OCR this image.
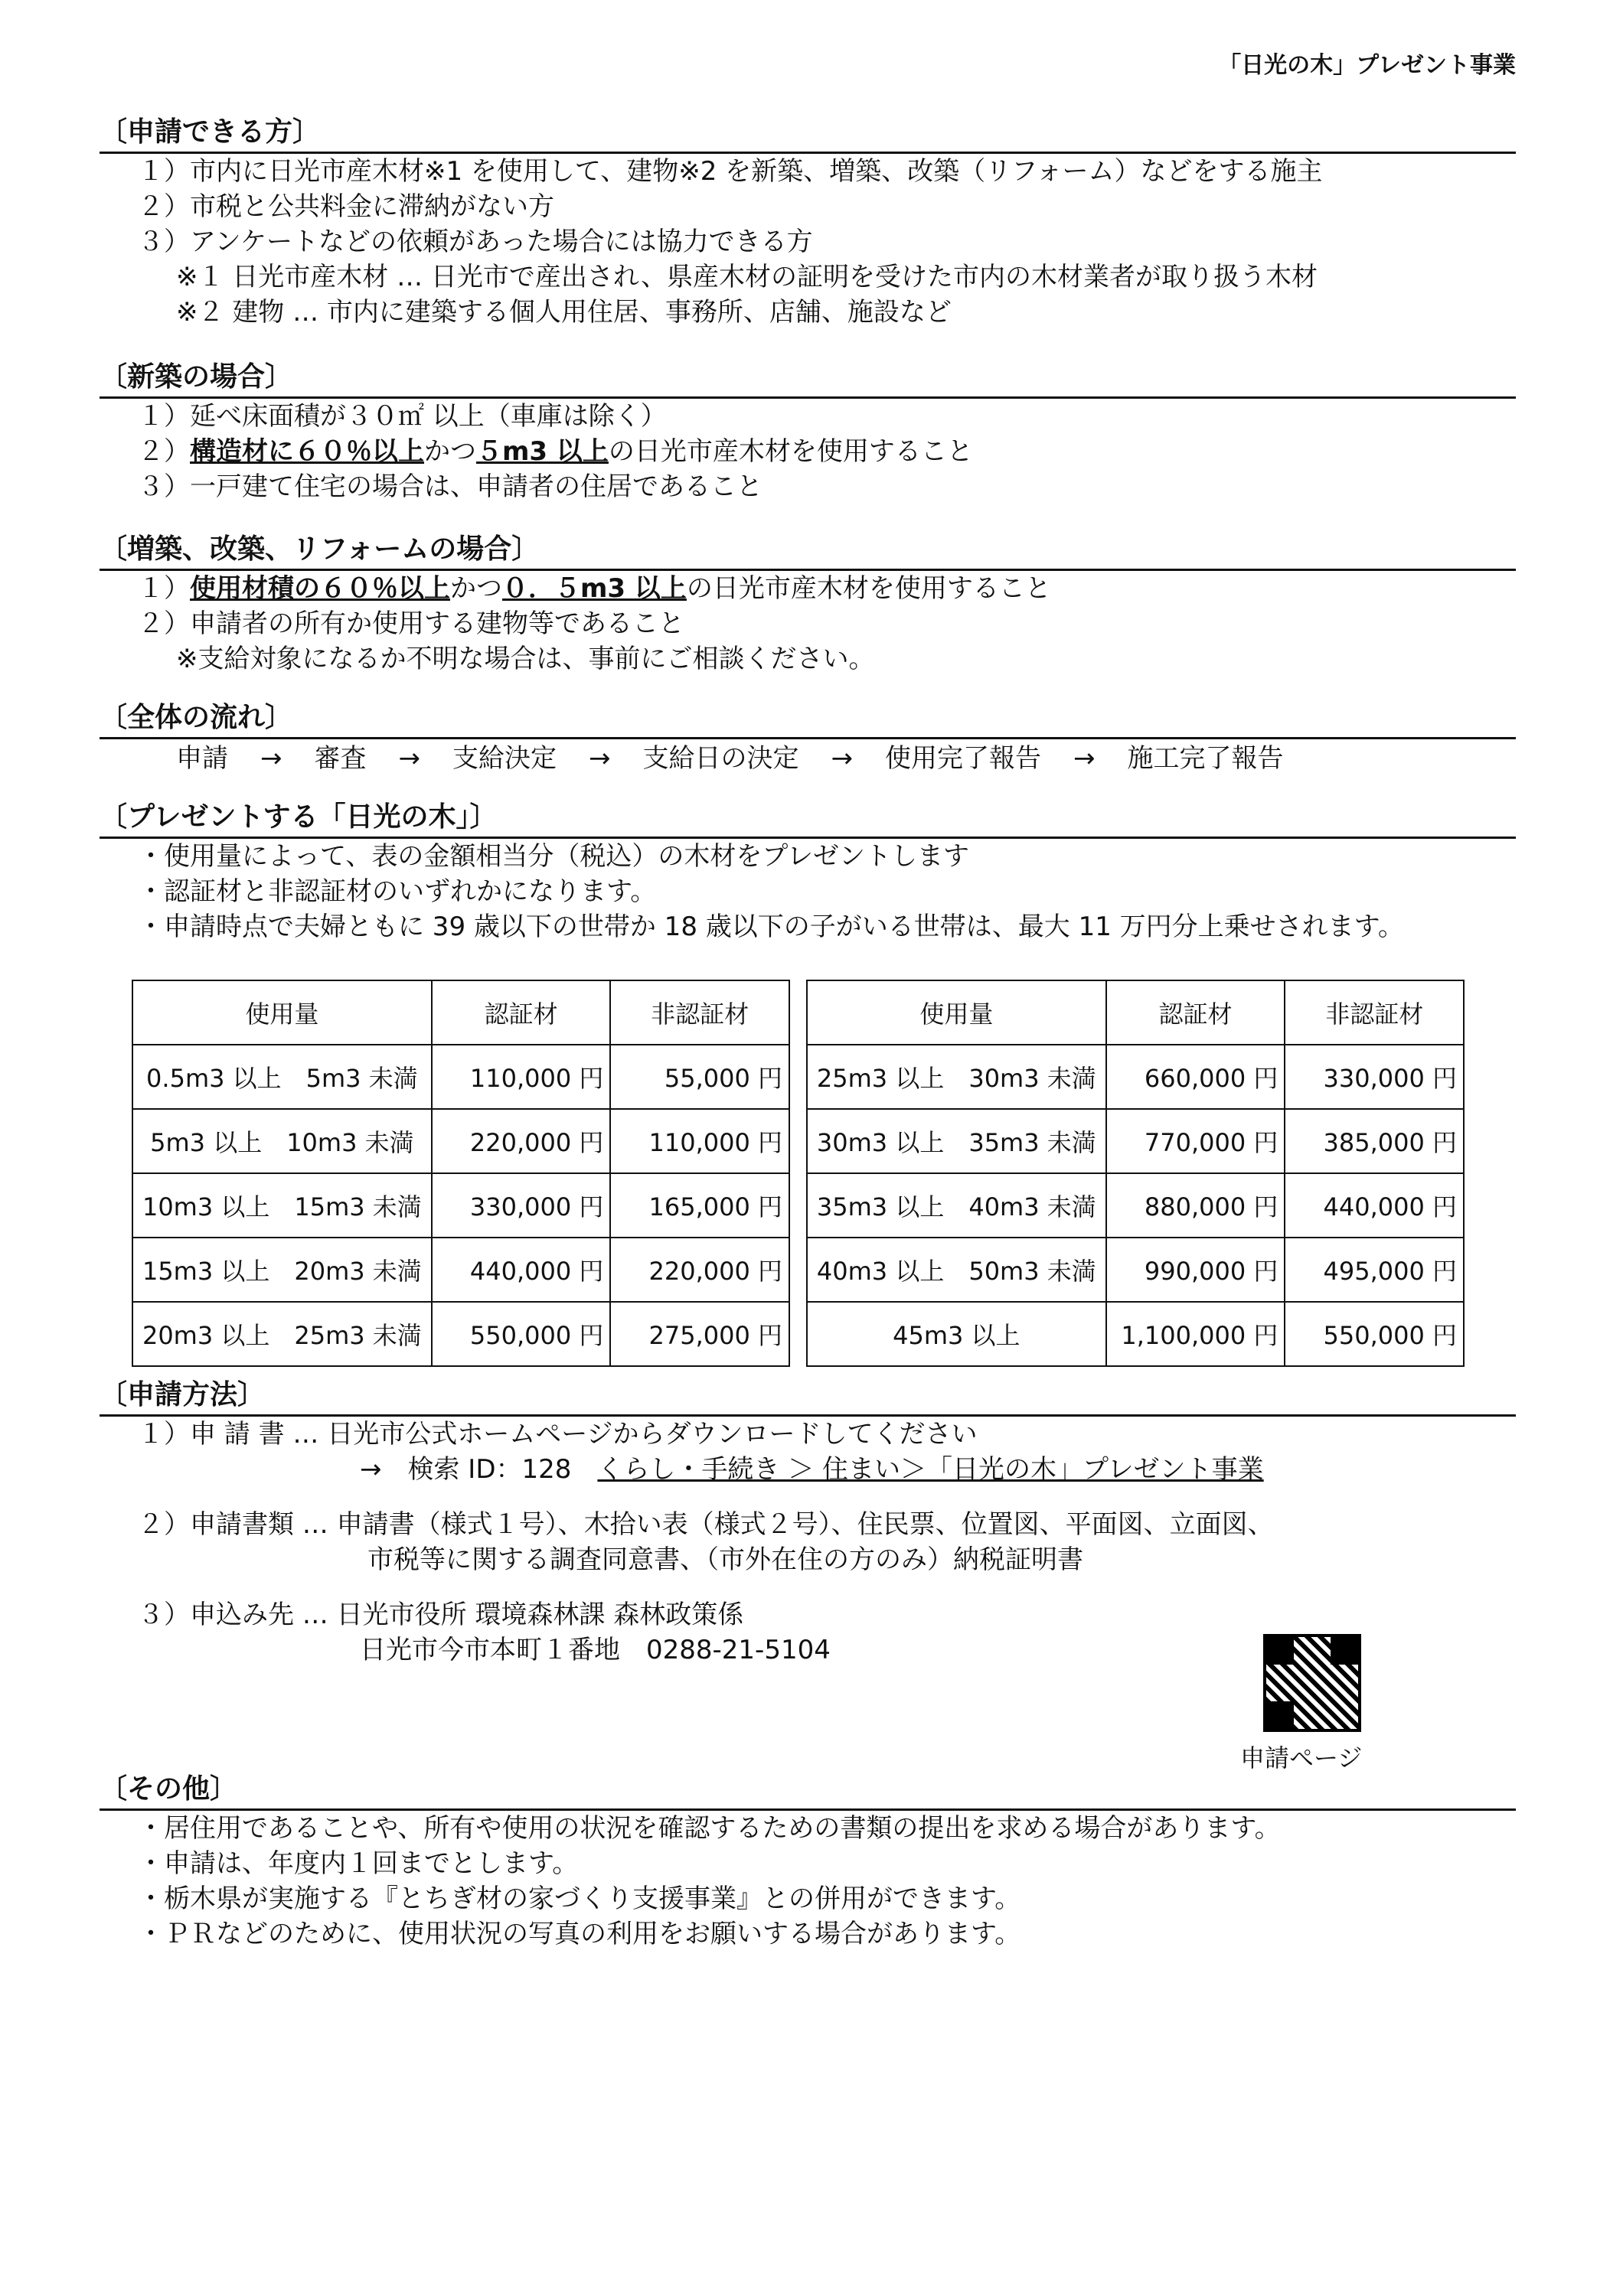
「日光の木」プレゼント事業
〔申請できる方〕
１）市内に日光市産木材※1 を使用して、建物※2 を新築、増築、改築（リフォーム）などをする施主
２）市税と公共料金に滞納がない方
３）アンケートなどの依頼があった場合には協力できる方
※１ 日光市産木材 … 日光市で産出され、県産木材の証明を受けた市内の木材業者が取り扱う木材
※２ 建物 … 市内に建築する個人用住居、事務所、店舗、施設など
〔新築の場合〕
１）延べ床面積が３０㎡ 以上（車庫は除く）
２）構造材に６０％以上かつ５m3 以上の日光市産木材を使用すること
３）一戸建て住宅の場合は、申請者の住居であること
〔増築、改築、リフォームの場合〕
１）使用材積の６０％以上かつ０．５m3 以上の日光市産木材を使用すること
２）申請者の所有か使用する建物等であること
※支給対象になるか不明な場合は、事前にご相談ください。
〔全体の流れ〕
申請 → 審査 → 支給決定 → 支給日の決定 → 使用完了報告 → 施工完了報告
〔プレゼントする「日光の木」〕
・使用量によって、表の金額相当分（税込）の木材をプレゼントします
・認証材と非認証材のいずれかになります。
・申請時点で夫婦ともに 39 歳以下の世帯か 18 歳以下の子がいる世帯は、最大 11 万円分上乗せされます。
使用量	認証材	非認証材
0.5m3 以上　5m3 未満	110,000 円	55,000 円
5m3 以上　10m3 未満	220,000 円	110,000 円
10m3 以上　15m3 未満	330,000 円	165,000 円
15m3 以上　20m3 未満	440,000 円	220,000 円
20m3 以上　25m3 未満	550,000 円	275,000 円
使用量	認証材	非認証材
25m3 以上　30m3 未満	660,000 円	330,000 円
30m3 以上　35m3 未満	770,000 円	385,000 円
35m3 以上　40m3 未満	880,000 円	440,000 円
40m3 以上　50m3 未満	990,000 円	495,000 円
45m3 以上	1,100,000 円	550,000 円
〔申請方法〕
１）申 請 書 … 日光市公式ホームページからダウンロードしてください
→　検索 ID：128　くらし・手続き ＞ 住まい＞「日光の木」プレゼント事業
２）申請書類 … 申請書（様式１号）、木拾い表（様式２号）、住民票、位置図、平面図、立面図、
市税等に関する調査同意書、（市外在住の方のみ）納税証明書
３）申込み先 … 日光市役所 環境森林課 森林政策係
日光市今市本町１番地　0288-21-5104
申請ページ
〔その他〕
・居住用であることや、所有や使用の状況を確認するための書類の提出を求める場合があります。
・申請は、年度内１回までとします。
・栃木県が実施する『とちぎ材の家づくり支援事業』との併用ができます。
・ＰＲなどのために、使用状況の写真の利用をお願いする場合があります。
